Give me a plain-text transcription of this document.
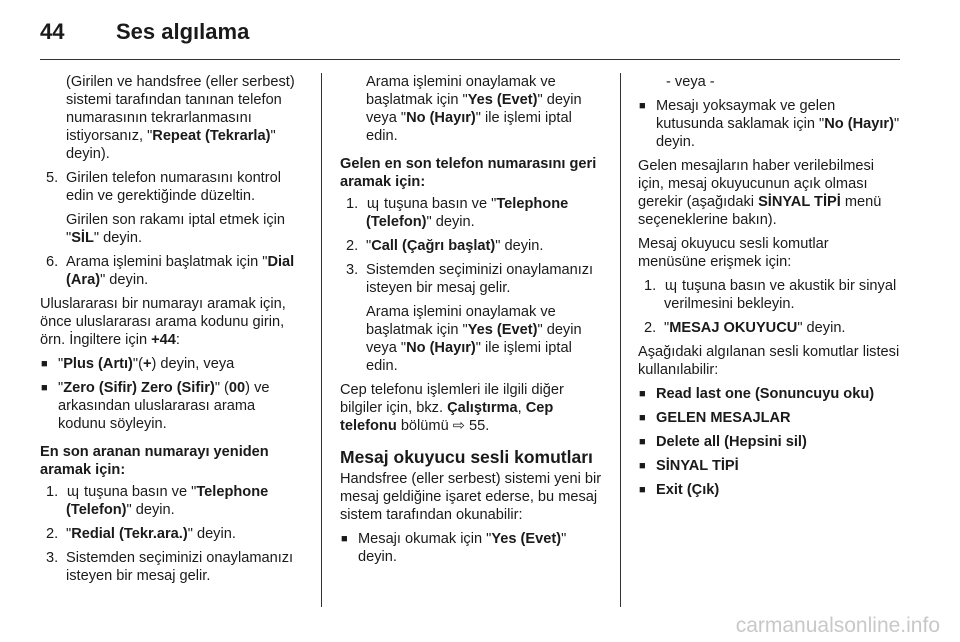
44 Ses algılama

(Girilen ve handsfree (eller serbest) sistemi tarafından tanınan telefon numarasının tekrarlanmasını istiyorsanız, "Repeat (Tekrarla)" deyin).

5. Girilen telefon numarasını kontrol edin ve gerektiğinde düzeltin.

Girilen son rakamı iptal etmek için "SİL" deyin.

6. Arama işlemini başlatmak için "Dial (Ara)" deyin.

Uluslararası bir numarayı aramak için, önce uluslararası arama kodunu girin, örn. İngiltere için +44:

■ "Plus (Artı)"(+) deyin, veya
■ "Zero (Sifir) Zero (Sifir)" (00) ve arkasından uluslararası arama kodunu söyleyin.
En son aranan numarayı yeniden aramak için:
1. ɰ tuşuna basın ve "Telephone (Telefon)" deyin.
2. "Redial (Tekr.ara.)" deyin.
3. Sistemden seçiminizi onaylamanızı isteyen bir mesaj gelir.

Arama işlemini onaylamak ve başlatmak için "Yes (Evet)" deyin veya "No (Hayır)" ile işlemi iptal edin.

Gelen en son telefon numarasını geri aramak için:
1. ɰ tuşuna basın ve "Telephone (Telefon)" deyin.
2. "Call (Çağrı başlat)" deyin.
3. Sistemden seçiminizi onaylamanızı isteyen bir mesaj gelir.

Arama işlemini onaylamak ve başlatmak için "Yes (Evet)" deyin veya "No (Hayır)" ile işlemi iptal edin.

Cep telefonu işlemleri ile ilgili diğer bilgiler için, bkz. Çalıştırma, Cep telefonu bölümü ⇨ 55.

Mesaj okuyucu sesli komutları

Handsfree (eller serbest) sistemi yeni bir mesaj geldiğine işaret ederse, bu mesaj sistem tarafından okunabilir:

■ Mesajı okumak için "Yes (Evet)" deyin.
- veya -
■ Mesajı yoksaymak ve gelen kutusunda saklamak için "No (Hayır)" deyin.

Gelen mesajların haber verilebilmesi için, mesaj okuyucunun açık olması gerekir (aşağıdaki SİNYAL TİPİ menü seçeneklerine bakın).

Mesaj okuyucu sesli komutlar menüsüne erişmek için:

1. ɰ tuşuna basın ve akustik bir sinyal verilmesini bekleyin.
2. "MESAJ OKUYUCU" deyin.

Aşağıdaki algılanan sesli komutlar listesi kullanılabilir:

■ Read last one (Sonuncuyu oku)
■ GELEN MESAJLAR
■ Delete all (Hepsini sil)
■ SİNYAL TİPİ
■ Exit (Çık)
carmanualsonline.info
